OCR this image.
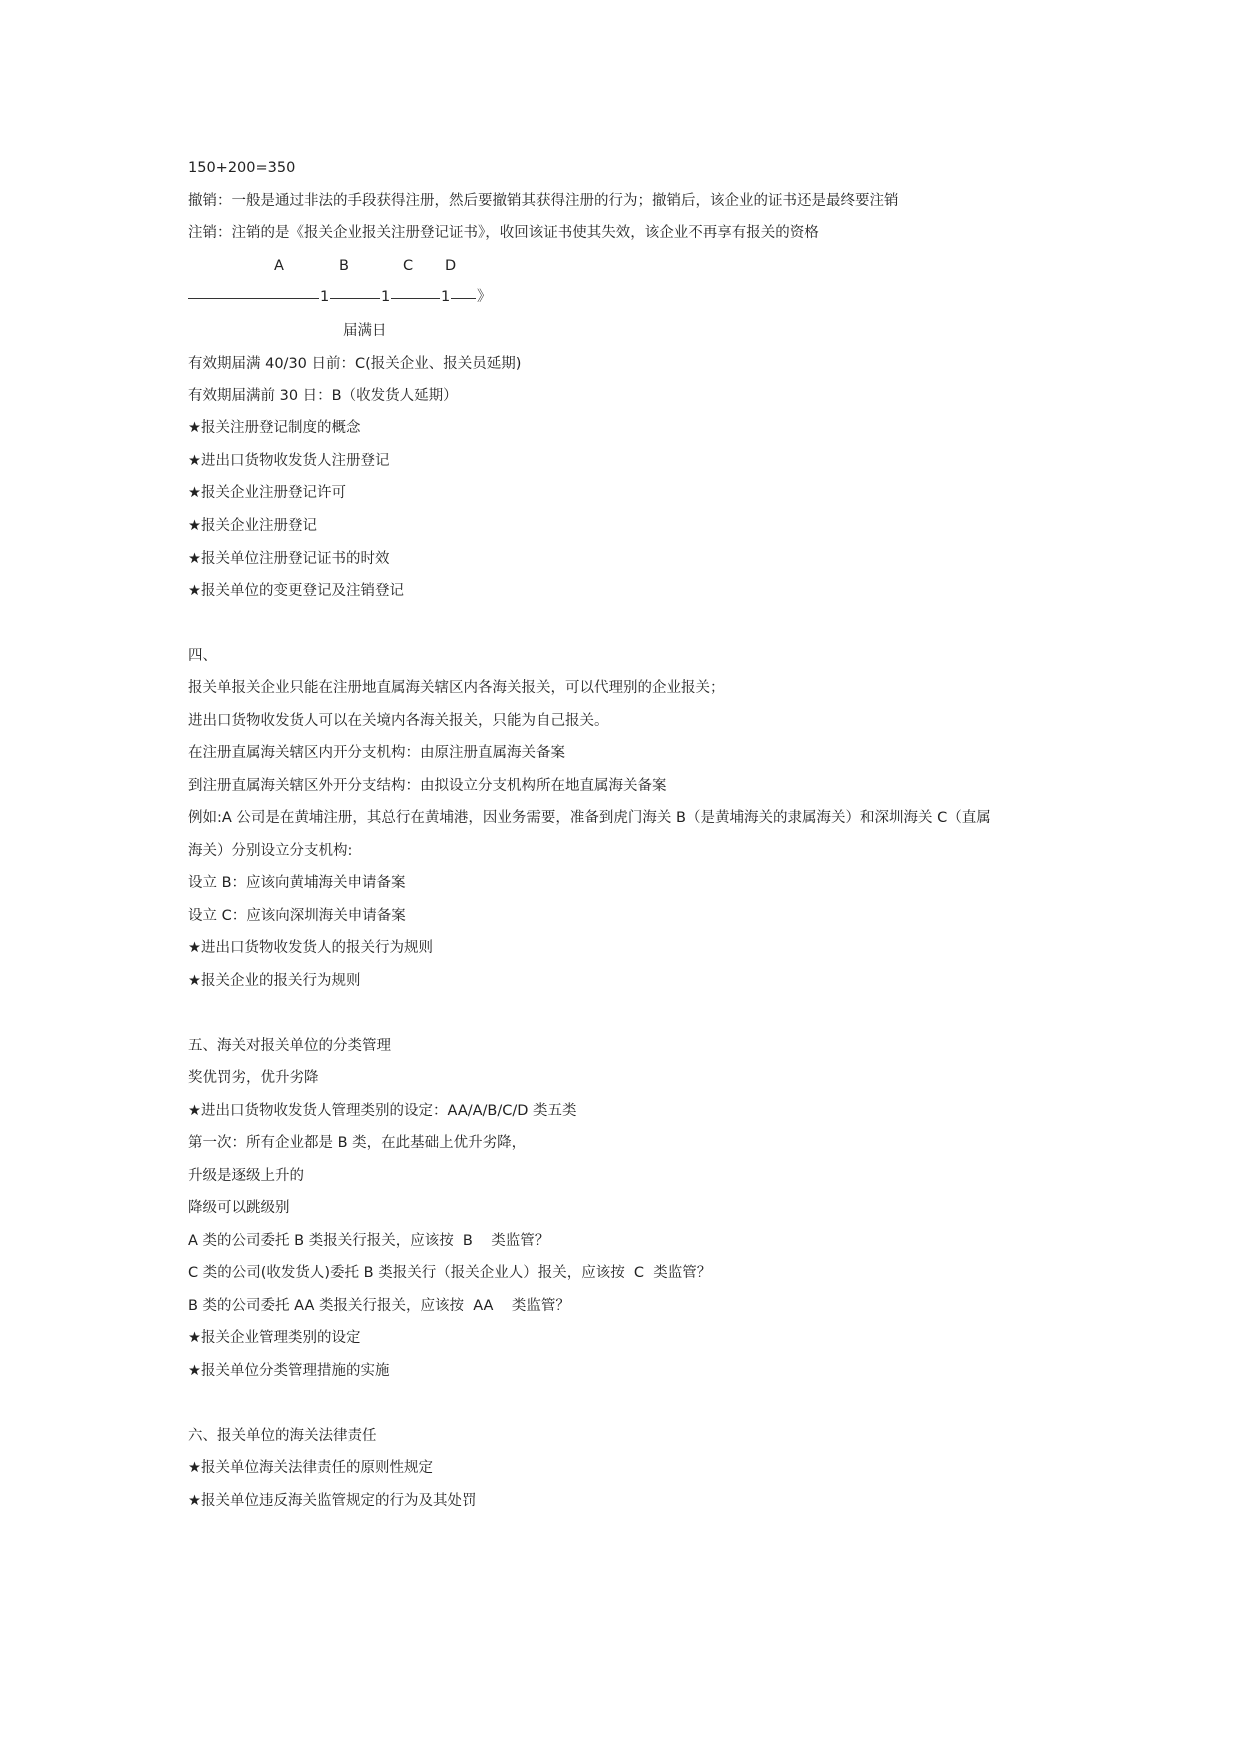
150+200=350

撤销：一般是通过非法的手段获得注册，然后要撤销其获得注册的行为；撤销后，该企业的证书还是最终要注销

注销：注销的是《报关企业报关注册登记证书》，收回该证书使其失效，该企业不再享有报关的资格

A	B	C D
1	1	1 》
届满日

有效期届满 40/30 日前：C(报关企业、报关员延期)

有效期届满前 30 日：B（收发货人延期）

★报关注册登记制度的概念

★进出口货物收发货人注册登记

★报关企业注册登记许可

★报关企业注册登记

★报关单位注册登记证书的时效

★报关单位的变更登记及注销登记

四、

报关单报关企业只能在注册地直属海关辖区内各海关报关，可以代理别的企业报关；

进出口货物收发货人可以在关境内各海关报关，只能为自己报关。

在注册直属海关辖区内开分支机构：由原注册直属海关备案

到注册直属海关辖区外开分支结构：由拟设立分支机构所在地直属海关备案

例如:A 公司是在黄埔注册，其总行在黄埔港，因业务需要，准备到虎门海关 B（是黄埔海关的隶属海关）和深圳海关 C（直属

海关）分别设立分支机构:

设立 B：应该向黄埔海关申请备案

设立 C：应该向深圳海关申请备案

★进出口货物收发货人的报关行为规则

★报关企业的报关行为规则

五、海关对报关单位的分类管理

奖优罚劣，优升劣降

★进出口货物收发货人管理类别的设定：AA/A/B/C/D 类五类

第一次：所有企业都是 B 类，在此基础上优升劣降，

升级是逐级上升的

降级可以跳级别

A 类的公司委托 B 类报关行报关，应该按  B    类监管？

C 类的公司(收发货人)委托 B 类报关行（报关企业人）报关，应该按  C  类监管？

B 类的公司委托 AA 类报关行报关，应该按  AA    类监管？

★报关企业管理类别的设定

★报关单位分类管理措施的实施

六、报关单位的海关法律责任

★报关单位海关法律责任的原则性规定

★报关单位违反海关监管规定的行为及其处罚
